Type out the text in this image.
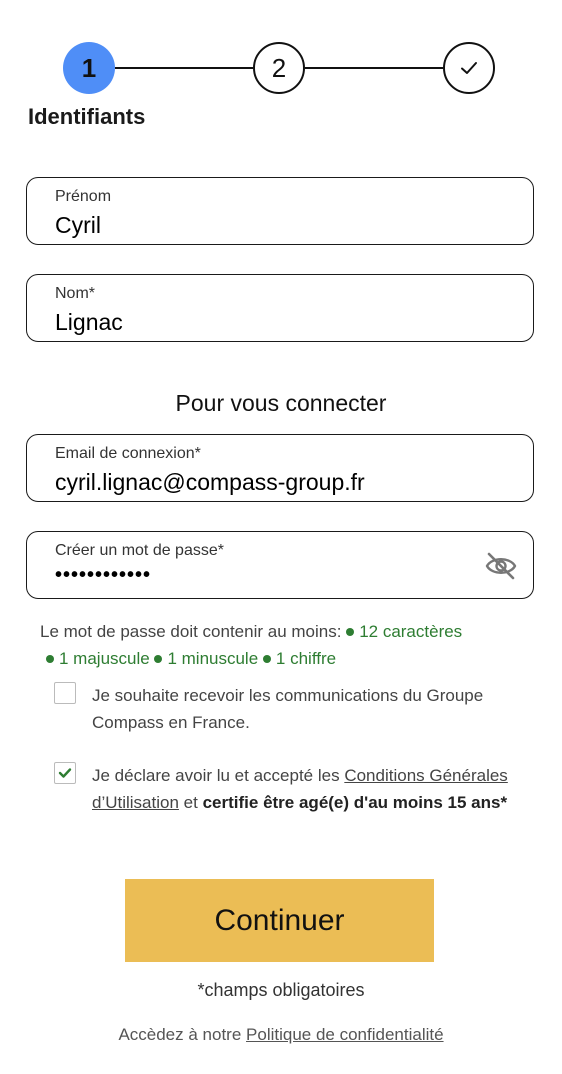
1	2
Identifiants
Prénom
Cyril
Nom*
Lignac
Pour vous connecter
Email de connexion*
cyril.lignac@compass-group.fr
Créer un mot de passe*
••••••••••••
Le mot de passe doit contenir au moins: 12 caractères
1 majuscule 1 minuscule 1 chiffre
Je souhaite recevoir les communications du Groupe Compass en France.
Je déclare avoir lu et accepté les Conditions Générales d’Utilisation et certifie être agé(e) d'au moins 15 ans*
Continuer
*champs obligatoires
Accèdez à notre Politique de confidentialité
